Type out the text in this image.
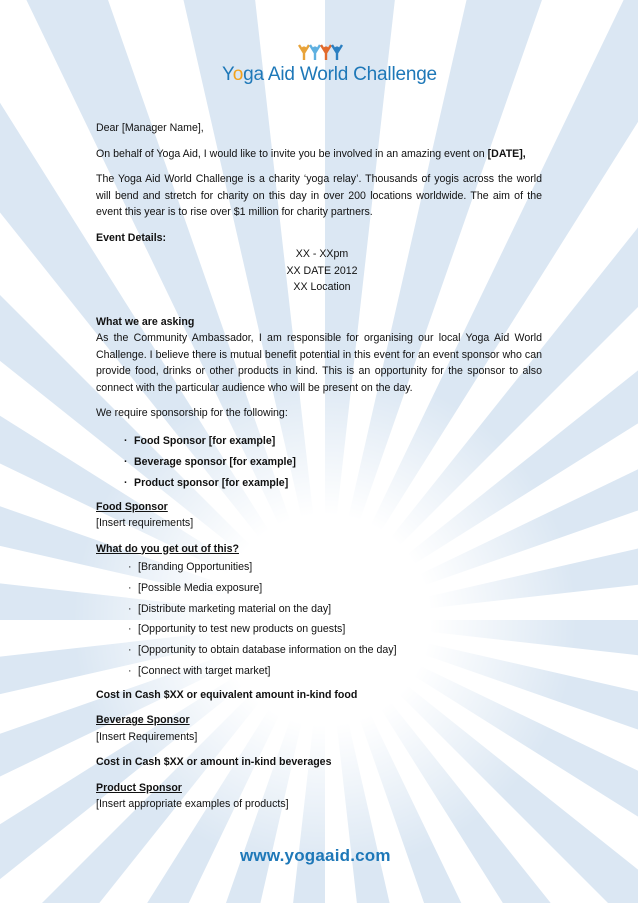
Yoga Aid World Challenge

Dear [Manager Name],

On behalf of Yoga Aid, I would like to invite you be involved in an amazing event on [DATE],

The Yoga Aid World Challenge is a charity ‘yoga relay’. Thousands of yogis across the world will bend and stretch for charity on this day in over 200 locations worldwide. The aim of the event this year is to rise over $1 million for charity partners.

Event Details:

XX - XXpm

XX DATE 2012

XX Location

What we are asking

As the Community Ambassador, I am responsible for organising our local Yoga Aid World Challenge. I believe there is mutual benefit potential in this event for an event sponsor who can provide food, drinks or other products in kind. This is an opportunity for the sponsor to also connect with the particular audience who will be present on the day.

We require sponsorship for the following:

· Food Sponsor [for example]
· Beverage sponsor [for example]
· Product sponsor [for example]

Food Sponsor

[Insert requirements]

What do you get out of this?

· [Branding Opportunities]
· [Possible Media exposure]
· [Distribute marketing material on the day]
· [Opportunity to test new products on guests]
· [Opportunity to obtain database information on the day]
· [Connect with target market]

Cost in Cash $XX or equivalent amount in-kind food

Beverage Sponsor

[Insert Requirements]

Cost in Cash $XX or amount in-kind beverages

Product Sponsor

[Insert appropriate examples of products]

www.yogaaid.com
